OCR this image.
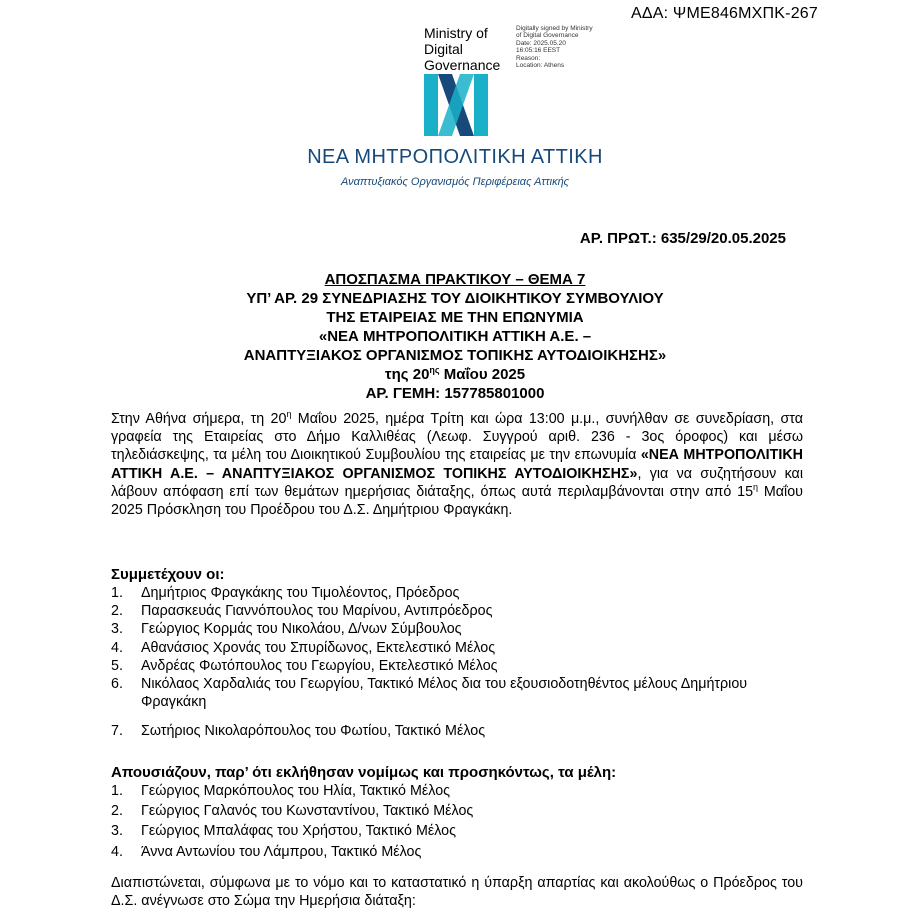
ΑΔΑ: ΨΜΕ846ΜΧΠΚ-267
Ministry of
Digital
Governance
Digitally signed by Ministry
of Digital Governance
Date: 2025.05.20
16:05:16 EEST
Reason:
Location: Athens
ΝΕΑ ΜΗΤΡΟΠΟΛΙΤΙΚΗ ΑΤΤΙΚΗ
Αναπτυξιακός Οργανισμός Περιφέρειας Αττικής
ΑΡ. ΠΡΩΤ.: 635/29/20.05.2025
ΑΠΟΣΠΑΣΜΑ ΠΡΑΚΤΙΚΟΥ – ΘΕΜΑ 7
ΥΠ’ ΑΡ. 29 ΣΥΝΕΔΡΙΑΣΗΣ ΤΟΥ ΔΙΟΙΚΗΤΙΚΟΥ ΣΥΜΒΟΥΛΙΟΥ
ΤΗΣ ΕΤΑΙΡΕΙΑΣ ΜΕ ΤΗΝ ΕΠΩΝΥΜΙΑ
«ΝΕΑ ΜΗΤΡΟΠΟΛΙΤΙΚΗ ΑΤΤΙΚΗ Α.Ε. –
ΑΝΑΠΤΥΞΙΑΚΟΣ ΟΡΓΑΝΙΣΜΟΣ ΤΟΠΙΚΗΣ ΑΥΤΟΔΙΟΙΚΗΣΗΣ»
της $20^{\eta\varsigma}$ Μαΐου 2025
ΑΡ. ΓΕΜΗ: 157785801000
Στην Αθήνα σήμερα, τη $20^\eta$ Μαΐου 2025, ημέρα Τρίτη και ώρα 13:00 μ.μ., συνήλθαν σε συνεδρίαση, στα γραφεία της Εταιρείας στο Δήμο Καλλιθέας (Λεωφ. Συγγρού αριθ. 236 - 3ος όροφος) και μέσω τηλεδιάσκεψης, τα μέλη του Διοικητικού Συμβουλίου της εταιρείας με την επωνυμία «ΝΕΑ ΜΗΤΡΟΠΟΛΙΤΙΚΗ ΑΤΤΙΚΗ Α.Ε. – ΑΝΑΠΤΥΞΙΑΚΟΣ ΟΡΓΑΝΙΣΜΟΣ ΤΟΠΙΚΗΣ ΑΥΤΟΔΙΟΙΚΗΣΗΣ», για να συζητήσουν και λάβουν απόφαση επί των θεμάτων ημερήσιας διάταξης, όπως αυτά περιλαμβάνονται στην από $15^\eta$ Μαΐου 2025 Πρόσκληση του Προέδρου του Δ.Σ. Δημήτριου Φραγκάκη.
Συμμετέχουν οι:
1. Δημήτριος Φραγκάκης του Τιμολέοντος, Πρόεδρος
2. Παρασκευάς Γιαννόπουλος του Μαρίνου, Αντιπρόεδρος
3. Γεώργιος Κορμάς του Νικολάου, Δ/νων Σύμβουλος
4. Αθανάσιος Χρονάς του Σπυρίδωνος, Εκτελεστικό Μέλος
5. Ανδρέας Φωτόπουλος του Γεωργίου, Εκτελεστικό Μέλος
6. Νικόλαος Χαρδαλιάς του Γεωργίου, Τακτικό Μέλος δια του εξουσιοδοτηθέντος μέλους Δημήτριου Φραγκάκη
7. Σωτήριος Νικολαρόπουλος του Φωτίου, Τακτικό Μέλος
Απουσιάζουν, παρ’ ότι εκλήθησαν νομίμως και προσηκόντως, τα μέλη:
1. Γεώργιος Μαρκόπουλος του Ηλία, Τακτικό Μέλος
2. Γεώργιος Γαλανός του Κωνσταντίνου, Τακτικό Μέλος
3. Γεώργιος Μπαλάφας του Χρήστου, Τακτικό Μέλος
4. Άννα Αντωνίου του Λάμπρου, Τακτικό Μέλος
Διαπιστώνεται, σύμφωνα με το νόμο και το καταστατικό η ύπαρξη απαρτίας και ακολούθως ο Πρόεδρος του Δ.Σ. ανέγνωσε στο Σώμα την Ημερήσια διάταξη:
